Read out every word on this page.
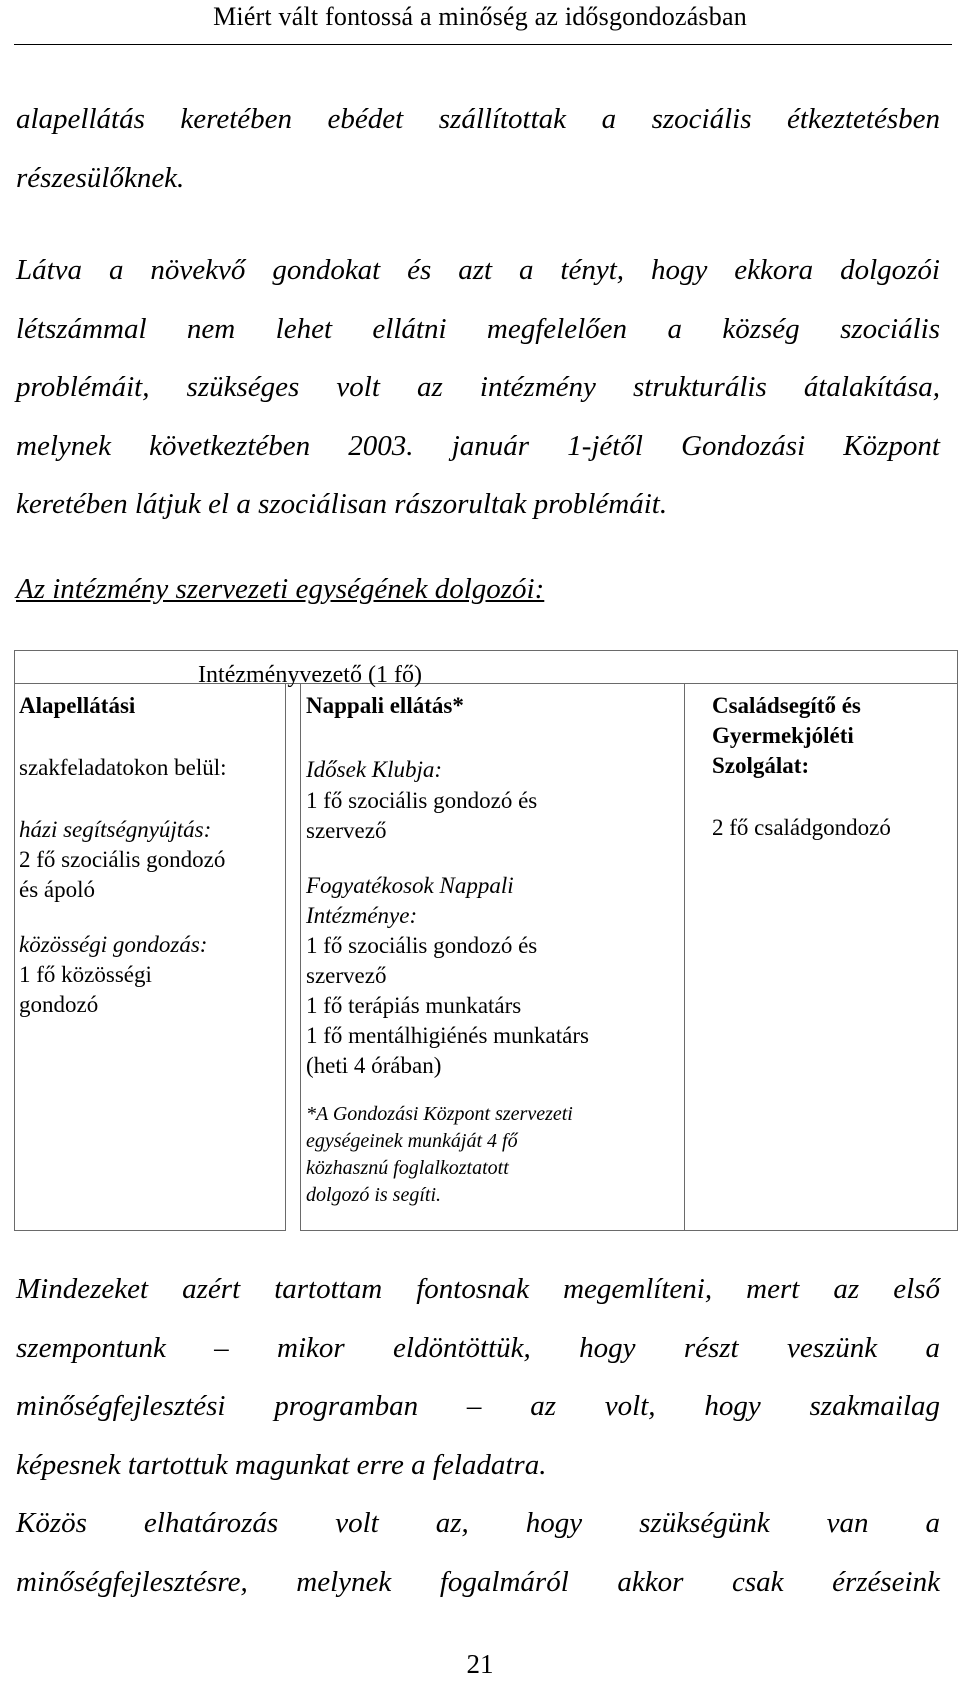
Miért vált fontossá a minőség az idősgondozásban
alapellátás keretében ebédet szállítottak a szociális étkeztetésben
részesülőknek.
Látva a növekvő gondokat és azt a tényt, hogy ekkora dolgozói
létszámmal nem lehet ellátni megfelelően a község szociális
problémáit, szükséges volt az intézmény strukturális átalakítása,
melynek következtében 2003. január 1-jétől Gondozási Központ
keretében látjuk el a szociálisan rászorultak problémáit.
Az intézmény szervezeti egységének dolgozói:
Intézményvezető (1 fő)
Alapellátási
szakfeladatokon belül:
házi segítségnyújtás:
2 fő szociális gondozó
és ápoló
közösségi gondozás:
1 fő közösségi
gondozó
Nappali ellátás*
Idősek Klubja:
1 fő szociális gondozó és
szervező
Fogyatékosok Nappali
Intézménye:
1 fő szociális gondozó és
szervező
1 fő terápiás munkatárs
1 fő mentálhigiénés munkatárs
(heti 4 órában)
*A Gondozási Központ szervezeti
egységeinek munkáját 4 fő
közhasznú foglalkoztatott
dolgozó is segíti.
Családsegítő és
Gyermekjóléti
Szolgálat:
2 fő családgondozó
Mindezeket azért tartottam fontosnak megemlíteni, mert az első
szempontunk – mikor eldöntöttük, hogy részt veszünk a
minőségfejlesztési programban – az volt, hogy szakmailag
képesnek tartottuk magunkat erre a feladatra.
Közös elhatározás volt az, hogy szükségünk van a
minőségfejlesztésre, melynek fogalmáról akkor csak érzéseink
21
